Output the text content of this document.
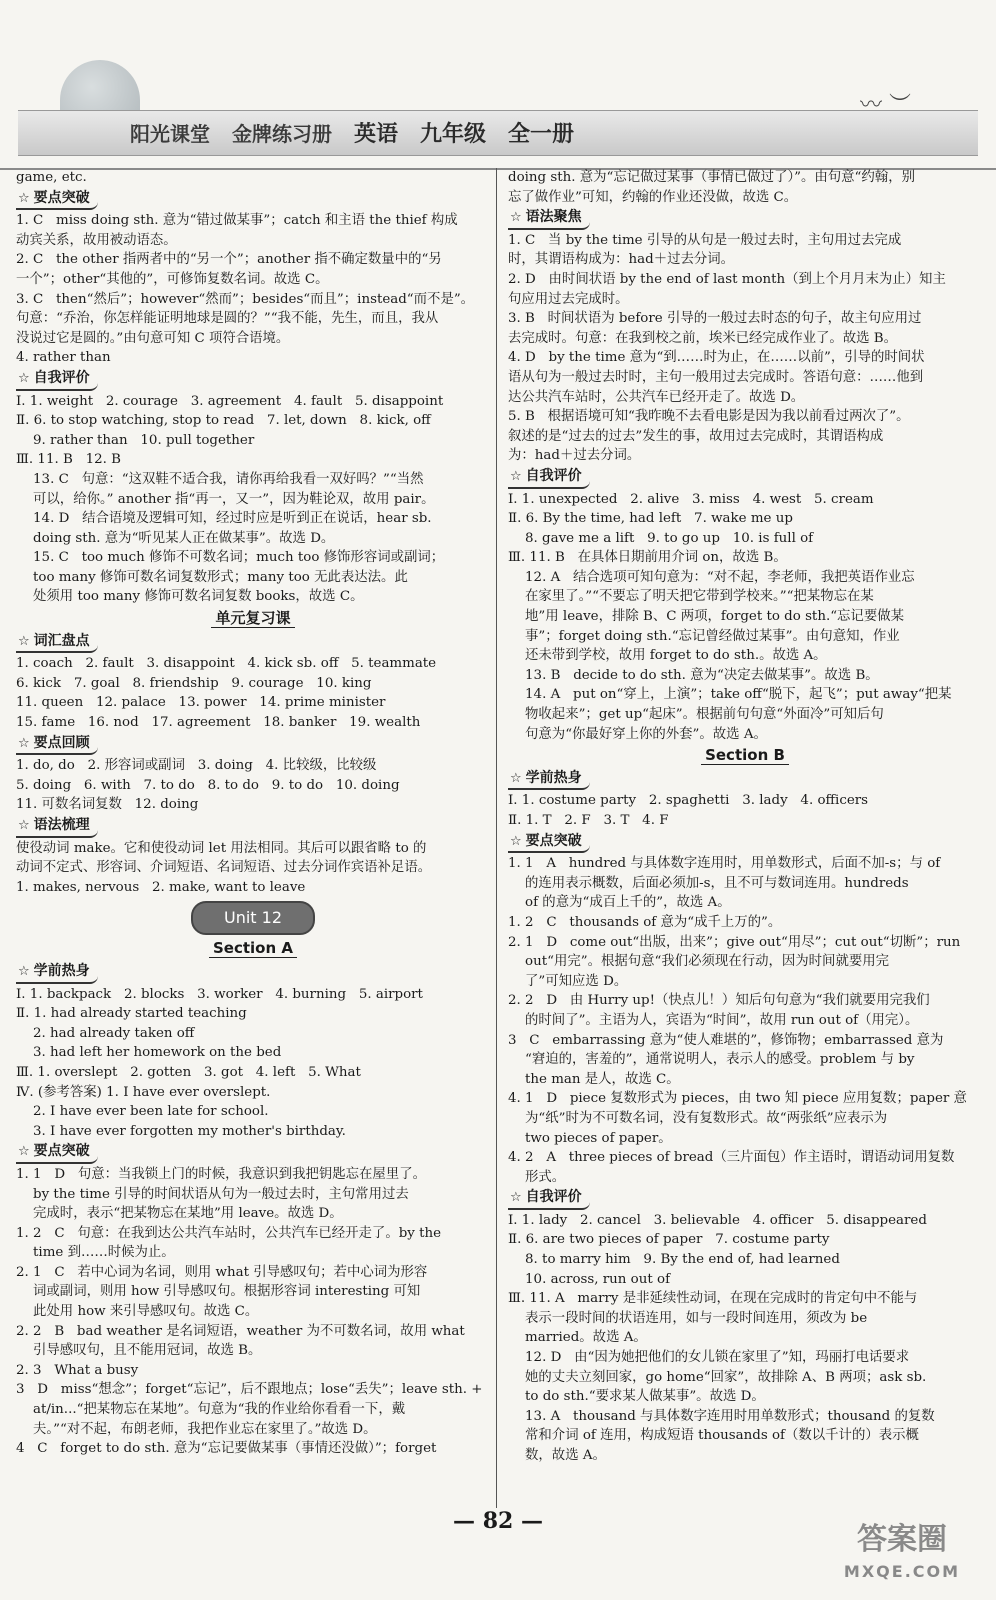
阳光课堂 金牌练习册 英语 九年级 全一册
〰 ︶
game, etc.
☆ 要点突破
1. C   miss doing sth. 意为“错过做某事”；catch 和主语 the thief 构成
动宾关系，故用被动语态。
2. C   the other 指两者中的“另一个”；another 指不确定数量中的“另
一个”；other“其他的”，可修饰复数名词。故选 C。
3. C   then“然后”；however“然而”；besides“而且”；instead“而不是”。
句意：“乔治，你怎样能证明地球是圆的？”“我不能，先生，而且，我从
没说过它是圆的。”由句意可知 C 项符合语境。
4. rather than
☆ 自我评价
Ⅰ. 1. weight   2. courage   3. agreement   4. fault   5. disappoint
Ⅱ. 6. to stop watching, stop to read   7. let, down   8. kick, off
9. rather than   10. pull together
Ⅲ. 11. B   12. B
13. C   句意：“这双鞋不适合我，请你再给我看一双好吗？”“当然
可以，给你。” another 指“再一，又一”，因为鞋论双，故用 pair。
14. D   结合语境及逻辑可知，经过时应是听到正在说话，hear sb.
doing sth. 意为“听见某人正在做某事”。故选 D。
15. C   too much 修饰不可数名词；much too 修饰形容词或副词；
too many 修饰可数名词复数形式；many too 无此表达法。此
处须用 too many 修饰可数名词复数 books，故选 C。
单元复习课
☆ 词汇盘点
1. coach   2. fault   3. disappoint   4. kick sb. off   5. teammate
6. kick   7. goal   8. friendship   9. courage   10. king
11. queen   12. palace   13. power   14. prime minister
15. fame   16. nod   17. agreement   18. banker   19. wealth
☆ 要点回顾
1. do, do   2. 形容词或副词   3. doing   4. 比较级，比较级
5. doing   6. with   7. to do   8. to do   9. to do   10. doing
11. 可数名词复数   12. doing
☆ 语法梳理
使役动词 make。它和使役动词 let 用法相同。其后可以跟省略 to 的
动词不定式、形容词、介词短语、名词短语、过去分词作宾语补足语。
1. makes, nervous   2. make, want to leave
Unit 12
Section A
☆ 学前热身
Ⅰ. 1. backpack   2. blocks   3. worker   4. burning   5. airport
Ⅱ. 1. had already started teaching
2. had already taken off
3. had left her homework on the bed
Ⅲ. 1. overslept   2. gotten   3. got   4. left   5. What
Ⅳ. (参考答案) 1. I have ever overslept.
2. I have ever been late for school.
3. I have ever forgotten my mother's birthday.
☆ 要点突破
1. 1   D   句意：当我锁上门的时候，我意识到我把钥匙忘在屋里了。
by the time 引导的时间状语从句为一般过去时，主句常用过去
完成时，表示“把某物忘在某地”用 leave。故选 D。
1. 2   C   句意：在我到达公共汽车站时，公共汽车已经开走了。by the
time 到……时候为止。
2. 1   C   若中心词为名词，则用 what 引导感叹句；若中心词为形容
词或副词，则用 how 引导感叹句。根据形容词 interesting 可知
此处用 how 来引导感叹句。故选 C。
2. 2   B   bad weather 是名词短语，weather 为不可数名词，故用 what
引导感叹句，且不能用冠词，故选 B。
2. 3   What a busy
3   D   miss“想念”；forget“忘记”，后不跟地点；lose“丢失”；leave sth. +
at/in...“把某物忘在某地”。句意为“我的作业给你看看一下，戴
夫。”“对不起，布朗老师，我把作业忘在家里了。”故选 D。
4   C   forget to do sth. 意为“忘记要做某事（事情还没做）”；forget
doing sth. 意为“忘记做过某事（事情已做过了）”。由句意“约翰，别
忘了做作业”可知，约翰的作业还没做，故选 C。
☆ 语法聚焦
1. C   当 by the time 引导的从句是一般过去时，主句用过去完成
时，其谓语构成为：had＋过去分词。
2. D   由时间状语 by the end of last month（到上个月月末为止）知主
句应用过去完成时。
3. B   时间状语为 before 引导的一般过去时态的句子，故主句应用过
去完成时。句意：在我到校之前，埃米已经完成作业了。故选 B。
4. D   by the time 意为“到……时为止，在……以前”，引导的时间状
语从句为一般过去时时，主句一般用过去完成时。答语句意：……他到
达公共汽车站时，公共汽车已经开走了。故选 D。
5. B   根据语境可知“我昨晚不去看电影是因为我以前看过两次了”。
叙述的是“过去的过去”发生的事，故用过去完成时，其谓语构成
为：had＋过去分词。
☆ 自我评价
Ⅰ. 1. unexpected   2. alive   3. miss   4. west   5. cream
Ⅱ. 6. By the time, had left   7. wake me up
8. gave me a lift   9. to go up   10. is full of
Ⅲ. 11. B   在具体日期前用介词 on，故选 B。
12. A   结合选项可知句意为：“对不起，李老师，我把英语作业忘
在家里了。”“不要忘了明天把它带到学校来。”“把某物忘在某
地”用 leave，排除 B、C 两项，forget to do sth.“忘记要做某
事”；forget doing sth.“忘记曾经做过某事”。由句意知，作业
还未带到学校，故用 forget to do sth.。故选 A。
13. B   decide to do sth. 意为“决定去做某事”。故选 B。
14. A   put on“穿上，上演”；take off“脱下，起飞”；put away“把某
物收起来”；get up“起床”。根据前句句意“外面冷”可知后句
句意为“你最好穿上你的外套”。故选 A。
Section B
☆ 学前热身
Ⅰ. 1. costume party   2. spaghetti   3. lady   4. officers
Ⅱ. 1. T   2. F   3. T   4. F
☆ 要点突破
1. 1   A   hundred 与具体数字连用时，用单数形式，后面不加-s；与 of
的连用表示概数，后面必须加-s，且不可与数词连用。hundreds
of 的意为“成百上千的”，故选 A。
1. 2   C   thousands of 意为“成千上万的”。
2. 1   D   come out“出版，出来”；give out“用尽”；cut out“切断”；run
out“用完”。根据句意“我们必须现在行动，因为时间就要用完
了”可知应选 D。
2. 2   D   由 Hurry up!（快点儿！）知后句句意为“我们就要用完我们
的时间了”。主语为人，宾语为“时间”，故用 run out of（用完）。
3   C   embarrassing 意为“使人难堪的”，修饰物；embarrassed 意为
“窘迫的，害羞的”，通常说明人，表示人的感受。problem 与 by
the man 是人，故选 C。
4. 1   D   piece 复数形式为 pieces，由 two 知 piece 应用复数；paper 意
为“纸”时为不可数名词，没有复数形式。故“两张纸”应表示为
two pieces of paper。
4. 2   A   three pieces of bread（三片面包）作主语时，谓语动词用复数
形式。
☆ 自我评价
Ⅰ. 1. lady   2. cancel   3. believable   4. officer   5. disappeared
Ⅱ. 6. are two pieces of paper   7. costume party
8. to marry him   9. By the end of, had learned
10. across, run out of
Ⅲ. 11. A   marry 是非延续性动词，在现在完成时的肯定句中不能与
表示一段时间的状语连用，如与一段时间连用，须改为 be
married。故选 A。
12. D   由“因为她把他们的女儿锁在家里了”知，玛丽打电话要求
她的丈夫立刻回家，go home“回家”，故排除 A、B 两项；ask sb.
to do sth.“要求某人做某事”。故选 D。
13. A   thousand 与具体数字连用时用单数形式；thousand 的复数
常和介词 of 连用，构成短语 thousands of（数以千计的）表示概
数，故选 A。
— 82 —
答案圈
MXQE.COM
